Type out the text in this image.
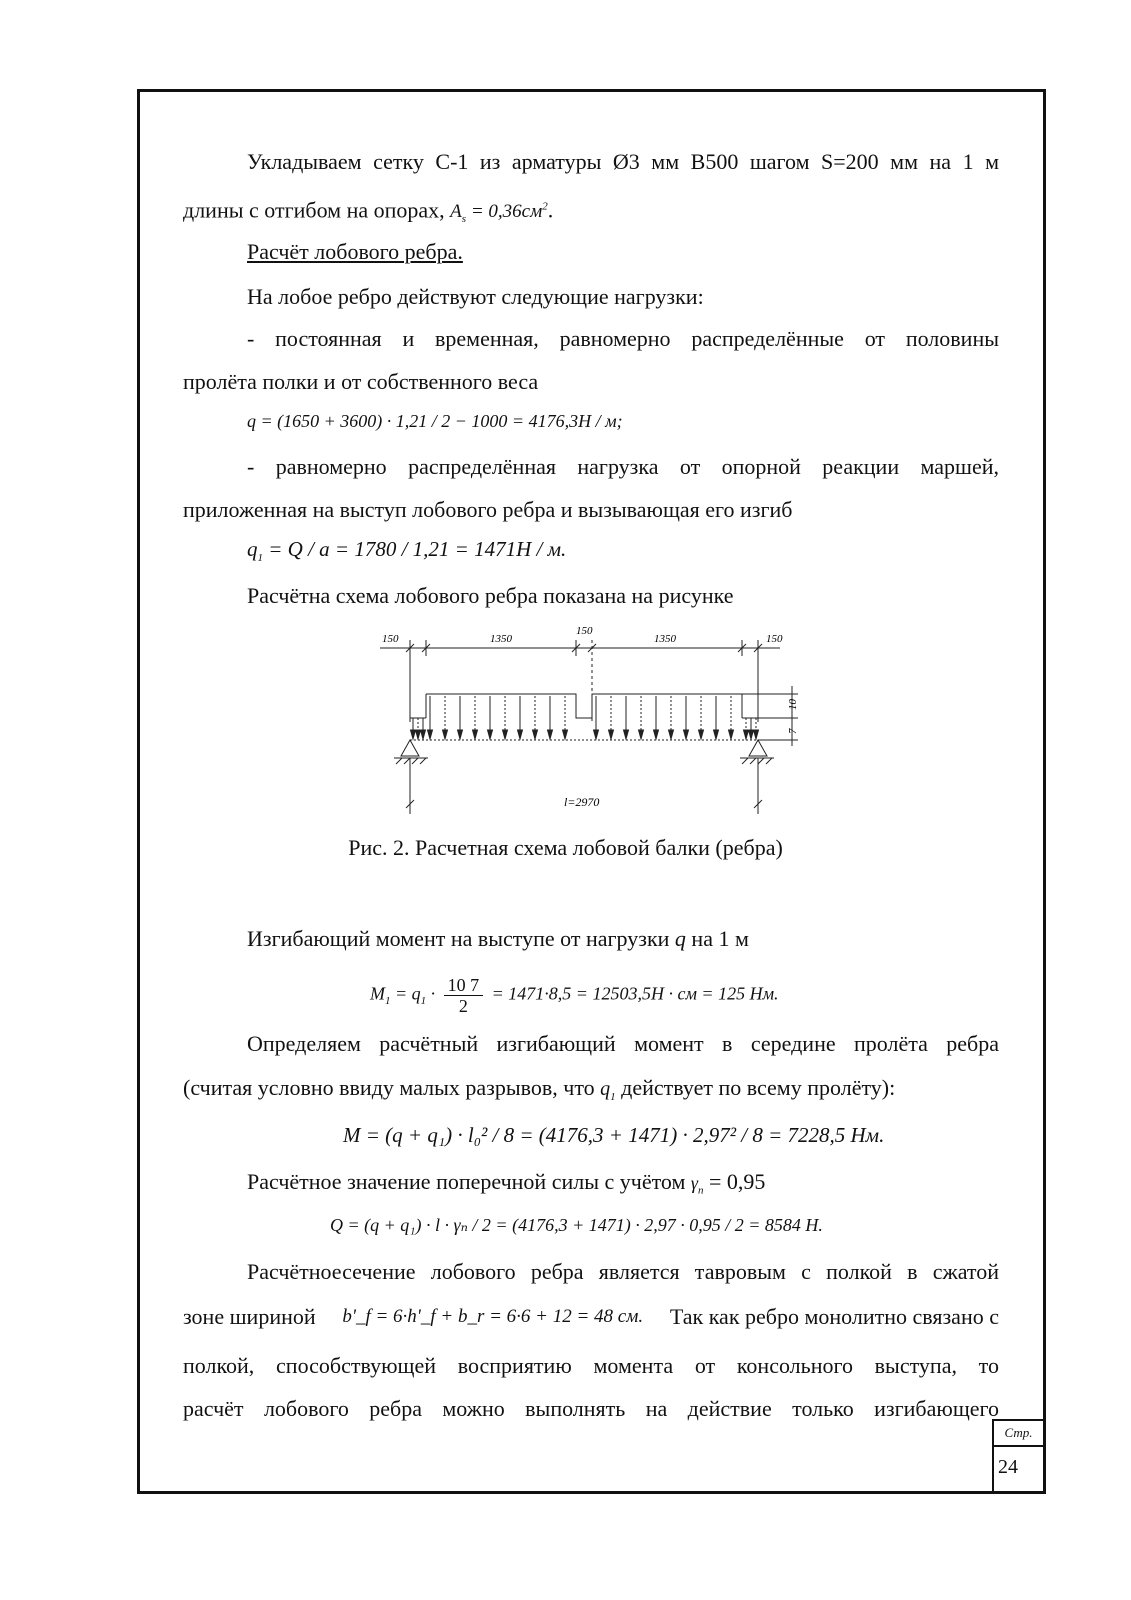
Укладываем сетку С-1 из арматуры Ø3 мм В500 шагом S=200 мм на 1 м
длины с отгибом на опорах, $A_s = 0,36см^2$.
Расчёт лобового ребра.
На лобое ребро действуют следующие нагрузки:
- постоянная и временная, равномерно распределённые от половины
пролёта полки и от собственного веса
q = (1650 + 3600) · 1,21 / 2 − 1000 = 4176,3H / м;
- равномерно распределённая нагрузка от опорной реакции маршей,
приложенная на выступ лобового ребра и вызывающая его изгиб
$q_1 = Q / a = 1780 / 1,21 = 1471H / м$.
Расчётна схема лобового ребра показана на рисунке
150	1350
150
1350	150
10
7
l=2970
Рис. 2. Расчетная схема лобовой балки (ребра)
Изгибающий момент на выступе от нагрузки q на 1 м
$M_1 = q_1 \cdot \frac{10 7}{2} = 1471\cdot 8,5 = 12503,5H$ · см = 125 Нм.
Определяем расчётный изгибающий момент в середине пролёта ребра
(считая условно ввиду малых разрывов, что $q_1$ действует по всему пролёту):
M = (q + q₁) · l₀² / 8 = (4176,3 + 1471) · 2,97² / 8 = 7228,5 Нм.
Расчётное значение поперечной силы с учётом $\gamma_n = 0,95$
Q = (q + q₁) · l · γₙ / 2 = (4176,3 + 1471) · 2,97 · 0,95 / 2 = 8584 H.
Расчётноесечение лобового ребра является тавровым с полкой в сжатой
зоне шириной b'_f = 6·h'_f + b_r = 6·6 + 12 = 48 см. Так как ребро монолитно связано с
полкой, способствующей восприятию момента от консольного выступа, то
расчёт лобового ребра можно выполнять на действие только изгибающего
Стр.
24
